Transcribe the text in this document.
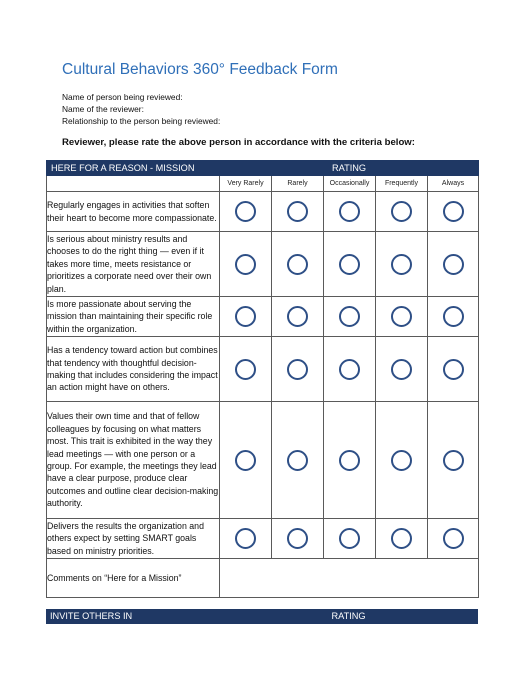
Cultural Behaviors 360° Feedback Form
Name of person being reviewed:
Name of the reviewer:
Relationship to the person being reviewed:
Reviewer, please rate the above person in accordance with the criteria below:
HERE FOR A REASON - MISSION	RATING				
	Very Rarely	Rarely	Occasionally	Frequently	Always
Regularly engages in activities that soften their heart to become more compassionate.					
Is serious about ministry results and chooses to do the right thing — even if it takes more time, meets resistance or prioritizes a corporate need over their own plan.					
Is more passionate about serving the mission than maintaining their specific role within the organization.					
Has a tendency toward action but combines that tendency with thoughtful decision-making that includes considering the impact an action might have on others.					
Values their own time and that of fellow colleagues by focusing on what matters most. This trait is exhibited in the way they lead meetings — with one person or a group. For example, the meetings they lead have a clear purpose, produce clear outcomes and outline clear decision-making authority.					
Delivers the results the organization and others expect by setting SMART goals based on ministry priorities.					
Comments on “Here for a Mission”					
INVITE OTHERS IN	RATING
